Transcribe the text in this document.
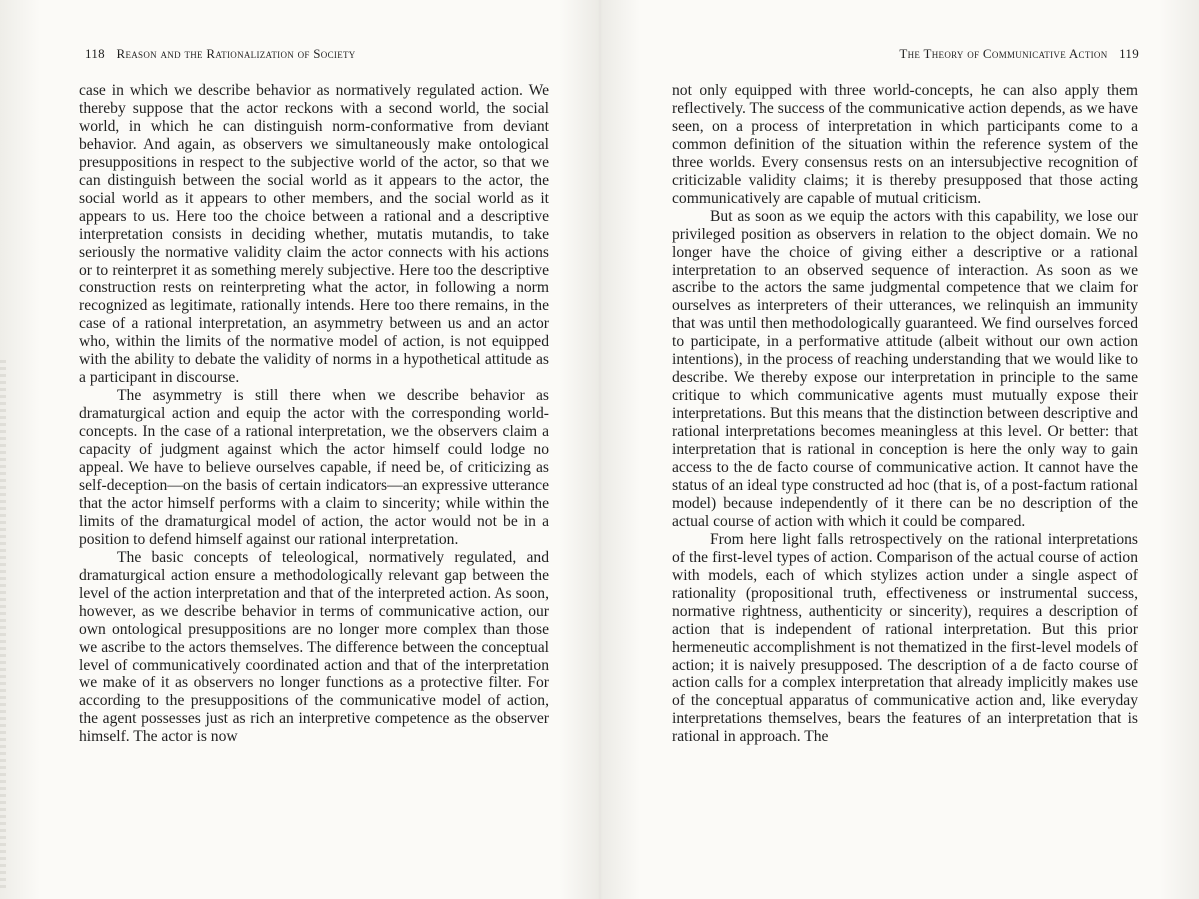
118 Reason and the Rationalization of Society

case in which we describe behavior as normatively regulated action. We thereby suppose that the actor reckons with a second world, the social world, in which he can distinguish norm-conformative from deviant behavior. And again, as observers we simultaneously make ontological presuppositions in respect to the subjective world of the actor, so that we can distinguish between the social world as it appears to the actor, the social world as it appears to other members, and the social world as it appears to us. Here too the choice between a rational and a descriptive interpretation consists in deciding whether, mutatis mutandis, to take seriously the normative validity claim the actor connects with his actions or to reinterpret it as something merely subjective. Here too the descriptive construction rests on reinterpreting what the actor, in following a norm recognized as legitimate, rationally intends. Here too there remains, in the case of a rational interpretation, an asymmetry between us and an actor who, within the limits of the normative model of action, is not equipped with the ability to debate the validity of norms in a hypothetical attitude as a participant in discourse.

The asymmetry is still there when we describe behavior as dramaturgical action and equip the actor with the corresponding world-concepts. In the case of a rational interpretation, we the observers claim a capacity of judgment against which the actor himself could lodge no appeal. We have to believe ourselves capable, if need be, of criticizing as self-deception—on the basis of certain indicators—an expressive utterance that the actor himself performs with a claim to sincerity; while within the limits of the dramaturgical model of action, the actor would not be in a position to defend himself against our rational interpretation.

The basic concepts of teleological, normatively regulated, and dramaturgical action ensure a methodologically relevant gap between the level of the action interpretation and that of the interpreted action. As soon, however, as we describe behavior in terms of communicative action, our own ontological presuppositions are no longer more complex than those we ascribe to the actors themselves. The difference between the conceptual level of communicatively coordinated action and that of the interpretation we make of it as observers no longer functions as a protective filter. For according to the presuppositions of the communicative model of action, the agent possesses just as rich an interpretive competence as the observer himself. The actor is now

The Theory of Communicative Action 119

not only equipped with three world-concepts, he can also apply them reflectively. The success of the communicative action depends, as we have seen, on a process of interpretation in which participants come to a common definition of the situation within the reference system of the three worlds. Every consensus rests on an intersubjective recognition of criticizable validity claims; it is thereby presupposed that those acting communicatively are capable of mutual criticism.

But as soon as we equip the actors with this capability, we lose our privileged position as observers in relation to the object domain. We no longer have the choice of giving either a descriptive or a rational interpretation to an observed sequence of interaction. As soon as we ascribe to the actors the same judgmental competence that we claim for ourselves as interpreters of their utterances, we relinquish an immunity that was until then methodologically guaranteed. We find ourselves forced to participate, in a performative attitude (albeit without our own action intentions), in the process of reaching understanding that we would like to describe. We thereby expose our interpretation in principle to the same critique to which communicative agents must mutually expose their interpretations. But this means that the distinction between descriptive and rational interpretations becomes meaningless at this level. Or better: that interpretation that is rational in conception is here the only way to gain access to the de facto course of communicative action. It cannot have the status of an ideal type constructed ad hoc (that is, of a post-factum rational model) because independently of it there can be no description of the actual course of action with which it could be compared.

From here light falls retrospectively on the rational interpretations of the first-level types of action. Comparison of the actual course of action with models, each of which stylizes action under a single aspect of rationality (propositional truth, effectiveness or instrumental success, normative rightness, authenticity or sincerity), requires a description of action that is independent of rational interpretation. But this prior hermeneutic accomplishment is not thematized in the first-level models of action; it is naively presupposed. The description of a de facto course of action calls for a complex interpretation that already implicitly makes use of the conceptual apparatus of communicative action and, like everyday interpretations themselves, bears the features of an interpretation that is rational in approach. The
